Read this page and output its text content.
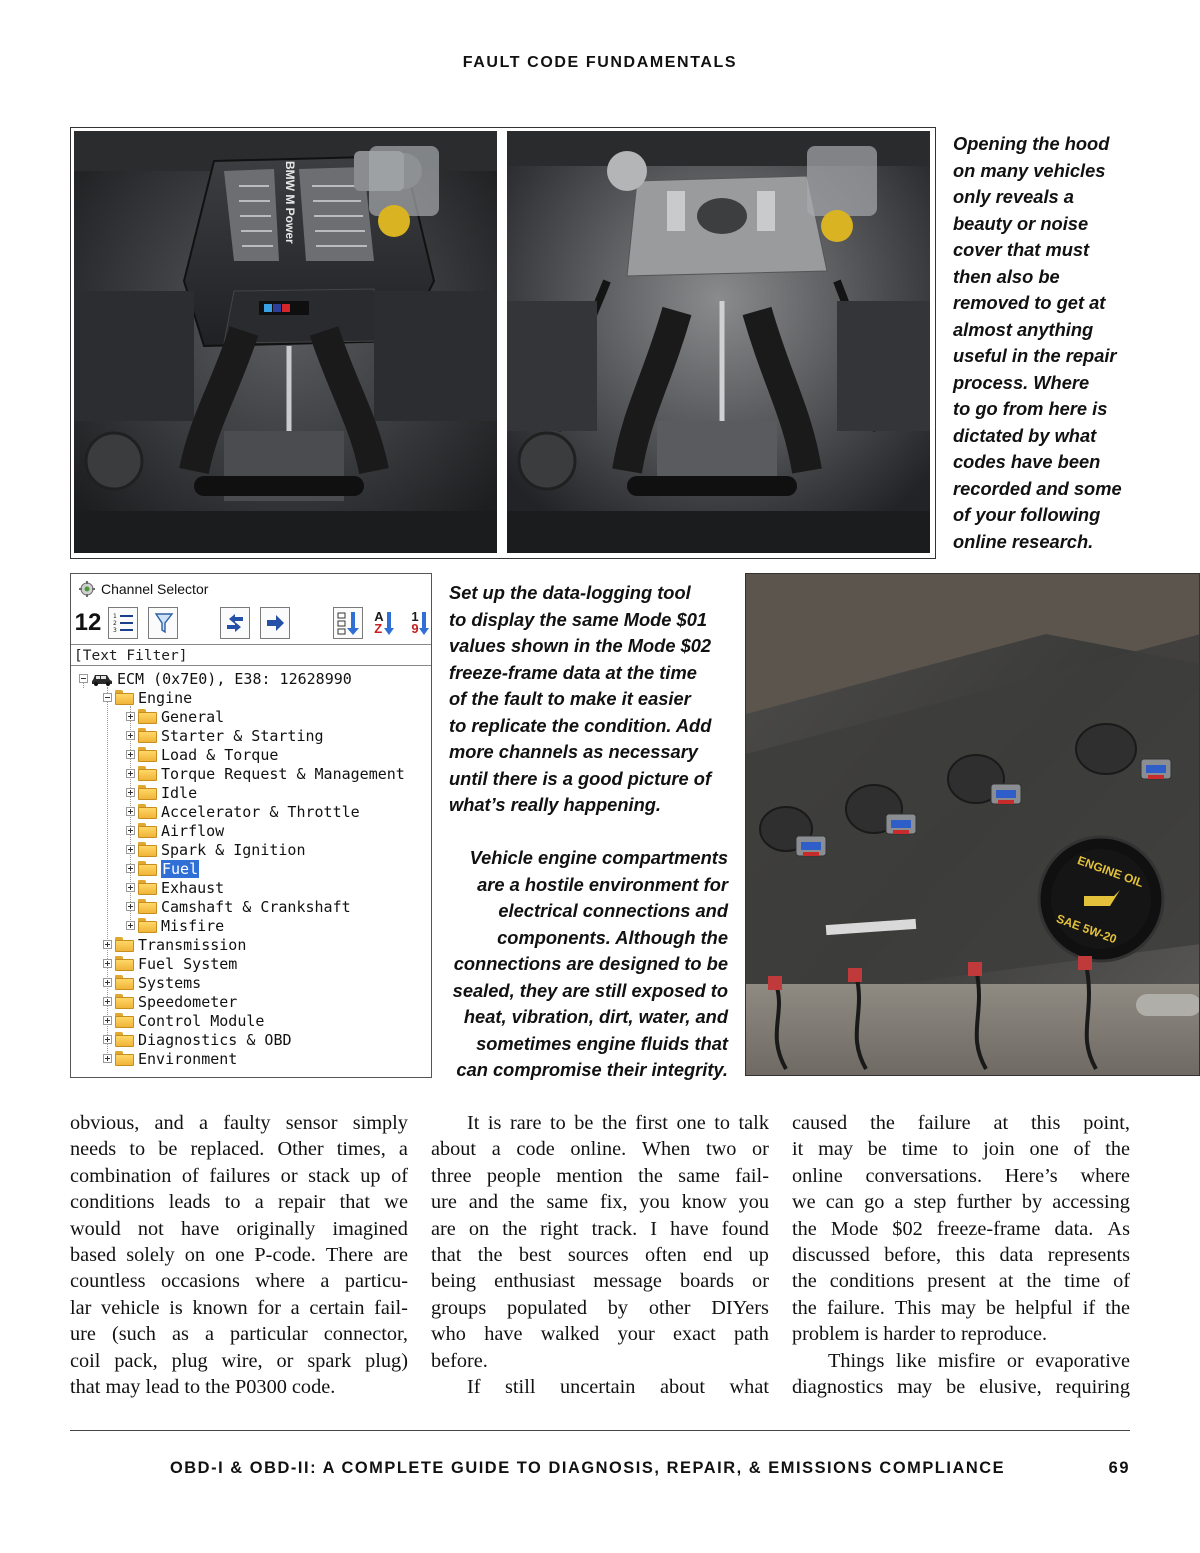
FAULT CODE FUNDAMENTALS
BMW M Power
Opening the hood
on many vehicles
only reveals a
beauty or noise
cover that must
then also be
removed to get at
almost anything
useful in the repair
process. Where
to go from here is
dictated by what
codes have been
recorded and some
of your following
online research.
Channel Selector
12 1
2
3
A
Z
1
9
[Text Filter]
ECM (0x7E0), E38: 12628990
Engine
General
Starter & Starting
Load & Torque
Torque Request & Management
Idle
Accelerator & Throttle
Airflow
Spark & Ignition
Fuel
Exhaust
Camshaft & Crankshaft
Misfire
Transmission
Fuel System
Systems
Speedometer
Control Module
Diagnostics & OBD
Environment
Set up the data-logging tool
to display the same Mode $01
values shown in the Mode $02
freeze-frame data at the time
of the fault to make it easier
to replicate the condition. Add
more channels as necessary
until there is a good picture of
what’s really happening.
Vehicle engine compartments
are a hostile environment for
electrical connections and
components. Although the
connections are designed to be
sealed, they are still exposed to
heat, vibration, dirt, water, and
sometimes engine fluids that
can compromise their integrity.
ENGINE OIL
SAE 5W-20
obvious, and a faulty sensor simply
needs to be replaced. Other times, a
combination of failures or stack up of
conditions leads to a repair that we
would not have originally imagined
based solely on one P-code. There are
countless occasions where a particu-
lar vehicle is known for a certain fail-
ure (such as a particular connector,
coil pack, plug wire, or spark plug)
that may lead to the P0300 code.
It is rare to be the first one to talk
about a code online. When two or
three people mention the same fail-
ure and the same fix, you know you
are on the right track. I have found
that the best sources often end up
being enthusiast message boards or
groups populated by other DIYers
who have walked your exact path
before.
If still uncertain about what
caused the failure at this point,
it may be time to join one of the
online conversations. Here’s where
we can go a step further by accessing
the Mode $02 freeze-frame data. As
discussed before, this data represents
the conditions present at the time of
the failure. This may be helpful if the
problem is harder to reproduce.
Things like misfire or evaporative
diagnostics may be elusive, requiring
OBD-I & OBD-II: A COMPLETE GUIDE TO DIAGNOSIS, REPAIR, & EMISSIONS COMPLIANCE	69
